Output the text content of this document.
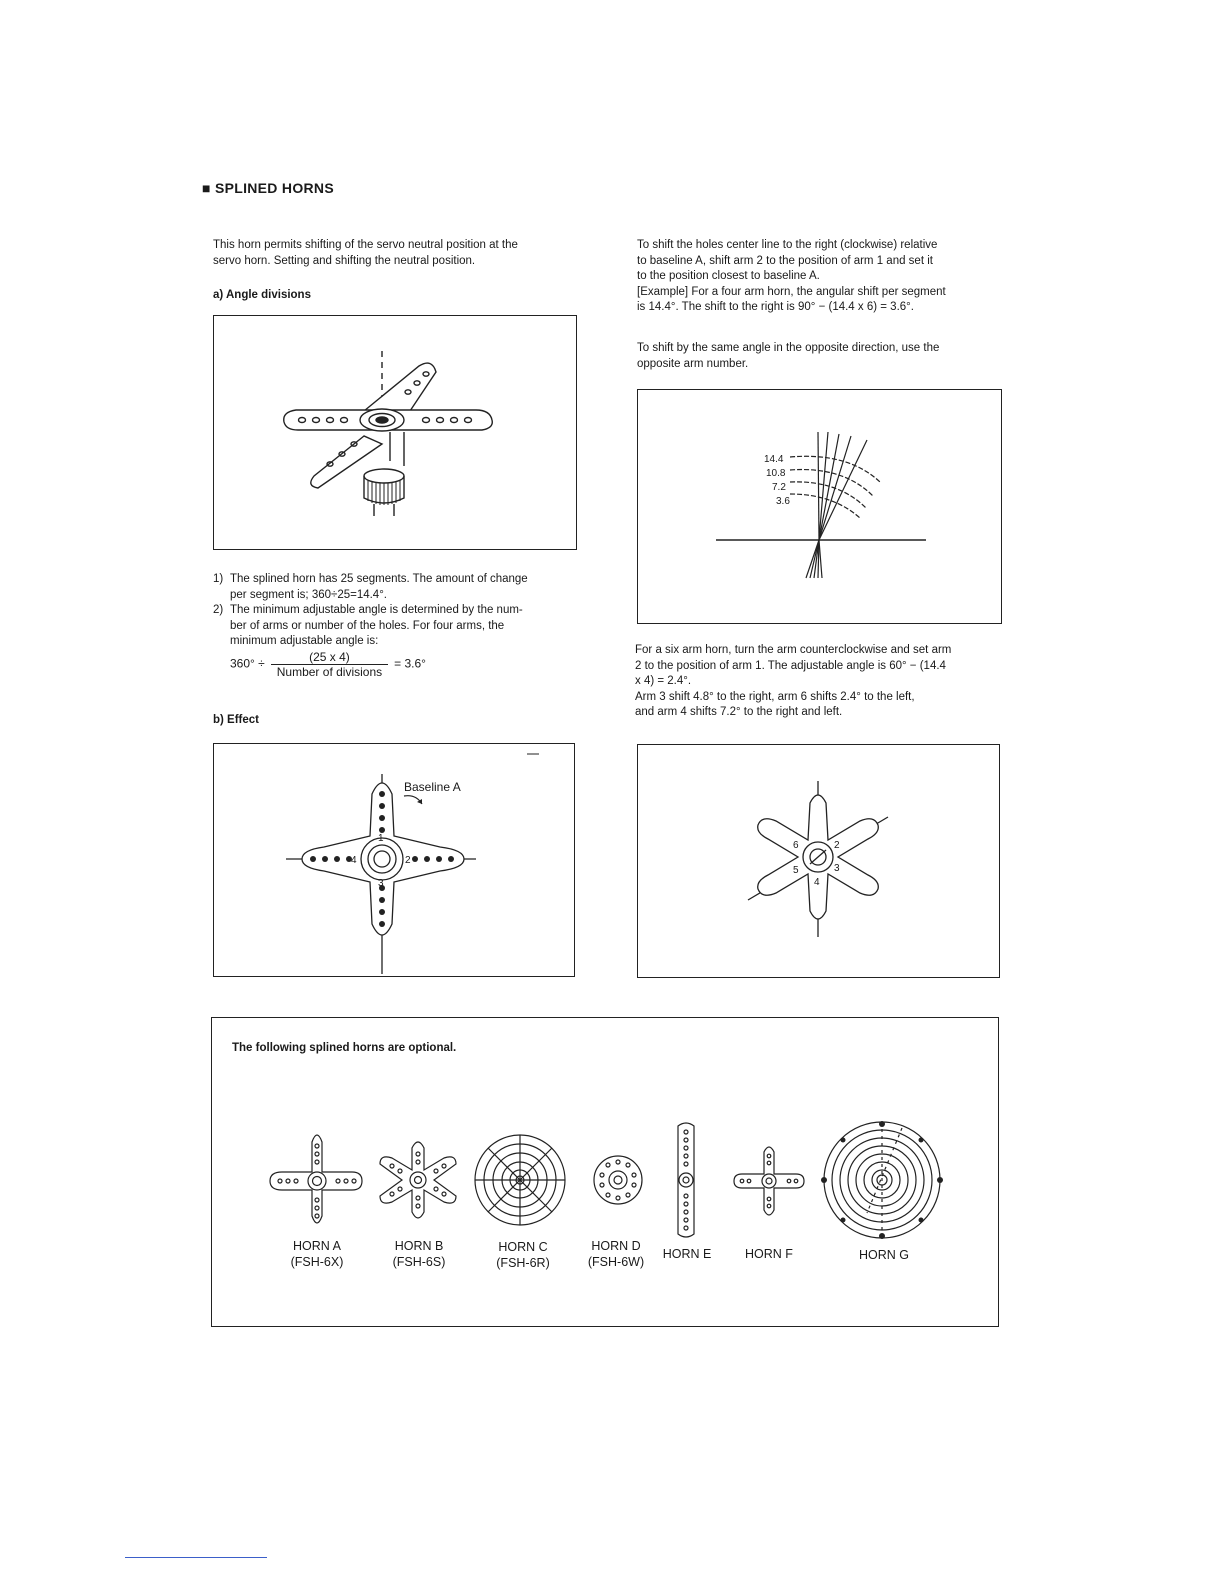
■ SPLINED HORNS
This horn permits shifting of the servo neutral position at the
servo horn. Setting and shifting the neutral position.
a) Angle divisions
1) The splined horn has 25 segments. The amount of change
per segment is; 360÷25=14.4°.
2) The minimum adjustable angle is determined by the num-
ber of arms or number of the holes. For four arms, the
minimum adjustable angle is:
$360^\circ \div \frac{(25 x 4)}{\text{Number of divisions}} = 3.6^\circ$
b) Effect
Baseline A
1
2
3
4
To shift the holes center line to the right (clockwise) relative
to baseline A, shift arm 2 to the position of arm 1 and set it
to the position closest to baseline A.
[Example] For a four arm horn, the angular shift per segment
is 14.4°. The shift to the right is 90° − (14.4 x 6) = 3.6°.
To shift by the same angle in the opposite direction, use the
opposite arm number.
14.4
10.8
7.2
3.6
For a six arm horn, turn the arm counterclockwise and set arm
2 to the position of arm 1. The adjustable angle is 60° − (14.4
x 4) = 2.4°.
Arm 3 shift 4.8° to the right, arm 6 shifts 2.4° to the left,
and arm 4 shifts 7.2° to the right and left.
6	2
5	3
4
The following splined horns are optional.
HORN A
(FSH-6X)
HORN B
(FSH-6S)
HORN C
(FSH-6R)
HORN D
(FSH-6W)
HORN E	HORN F	HORN G
